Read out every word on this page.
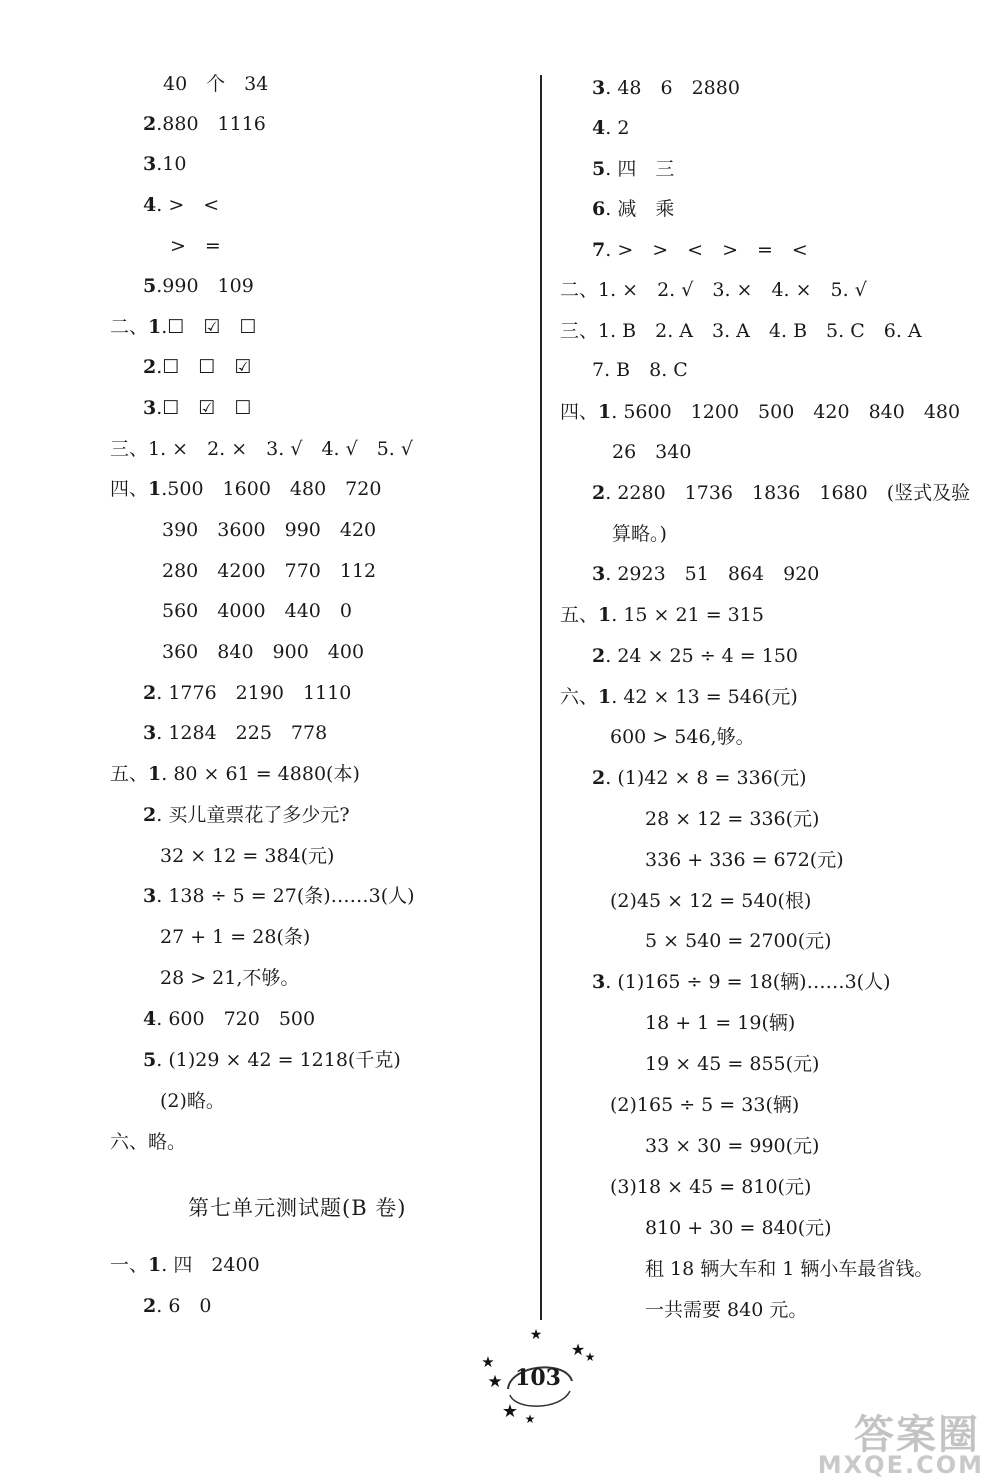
40　个　34
2.880　1116
3.10
4. >　<
>　=
5.990　109
二、1.☐　☑　☐
2.☐　☐　☑
3.☐　☑　☐
三、1. ×　2. ×　3. √　4. √　5. √
四、1.500　1600　480　720
390　3600　990　420
280　4200　770　112
560　4000　440　0
360　840　900　400
2. 1776　2190　1110
3. 1284　225　778
五、1. 80 × 61 = 4880(本)
2. 买儿童票花了多少元?
32 × 12 = 384(元)
3. 138 ÷ 5 = 27(条)……3(人)
27 + 1 = 28(条)
28 > 21,不够。
4. 600　720　500
5. (1)29 × 42 = 1218(千克)
(2)略。
六、略。
第七单元测试题(B 卷)
一、1. 四　2400
2. 6　0
3. 48　6　2880
4. 2
5. 四　三
6. 减　乘
7. >　>　<　>　=　<
二、1. ×　2. √　3. ×　4. ×　5. √
三、1. B　2. A　3. A　4. B　5. C　6. A
7. B　8. C
四、1. 5600　1200　500　420　840　480
26　340
2. 2280　1736　1836　1680　(竖式及验
算略。)
3. 2923　51　864　920
五、1. 15 × 21 = 315
2. 24 × 25 ÷ 4 = 150
六、1. 42 × 13 = 546(元)
600 > 546,够。
2. (1)42 × 8 = 336(元)
28 × 12 = 336(元)
336 + 336 = 672(元)
(2)45 × 12 = 540(根)
5 × 540 = 2700(元)
3. (1)165 ÷ 9 = 18(辆)……3(人)
18 + 1 = 19(辆)
19 × 45 = 855(元)
(2)165 ÷ 5 = 33(辆)
33 × 30 = 990(元)
(3)18 × 45 = 810(元)
810 + 30 = 840(元)
租 18 辆大车和 1 辆小车最省钱。
一共需要 840 元。
★
★
★
★ ★
★ ★
103
答案圈
MXQE.COM
